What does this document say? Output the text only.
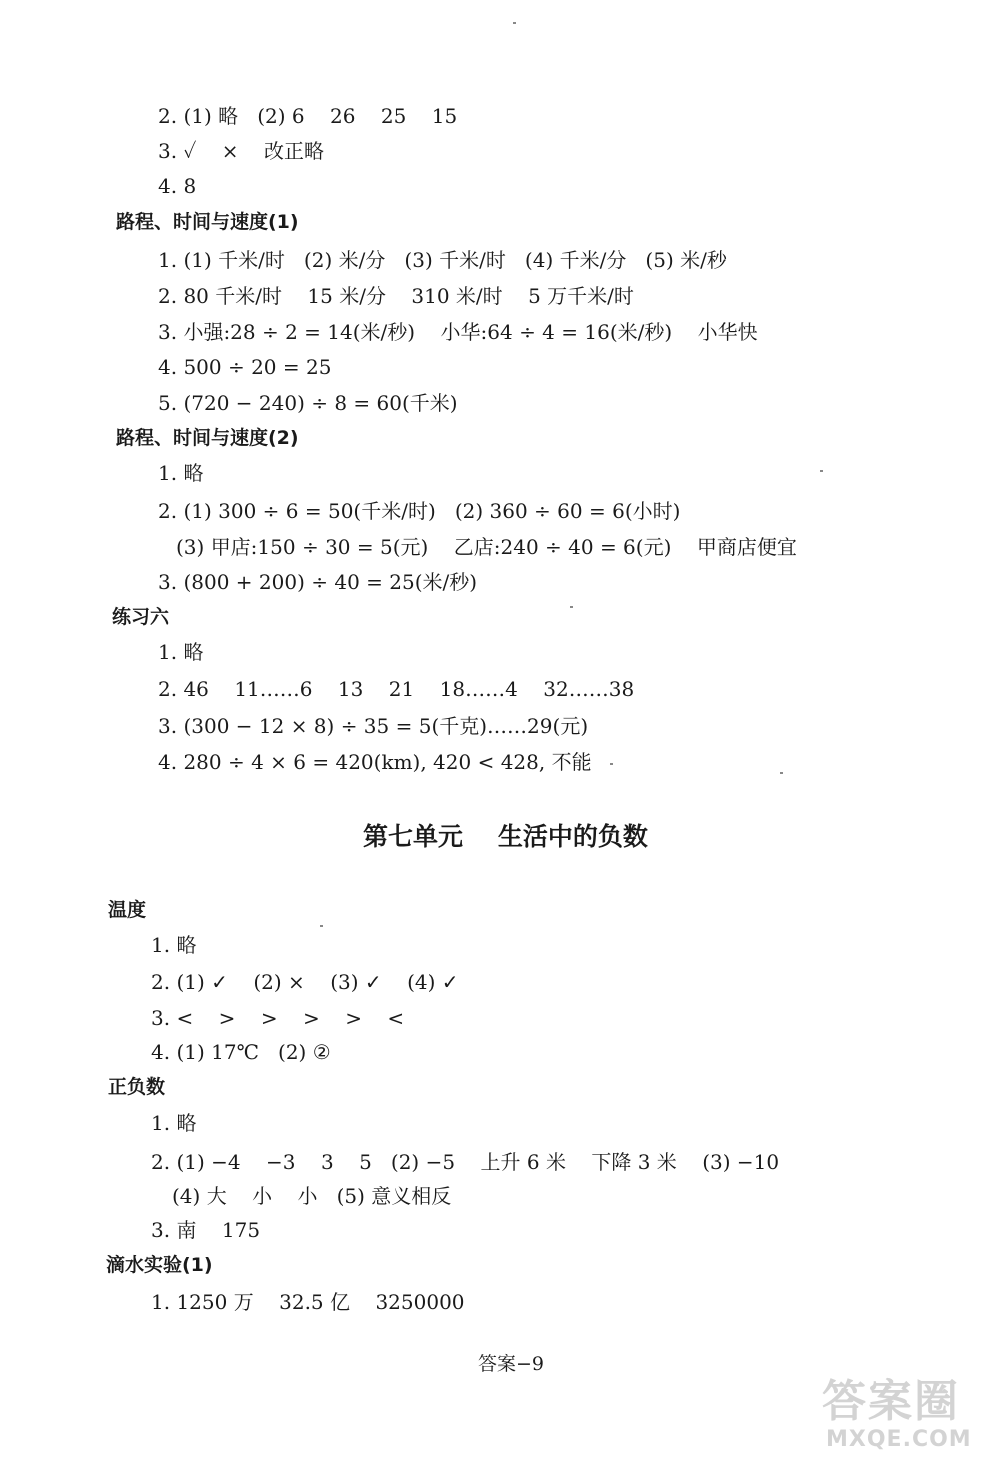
2. (1) 略   (2) 6    26    25    15
3. ✓    ×    改正略
4. 8
路程、时间与速度(1)
1. (1) 千米/时   (2) 米/分   (3) 千米/时   (4) 千米/分   (5) 米/秒
2. 80 千米/时    15 米/分    310 米/时    5 万千米/时
3. 小强:28 ÷ 2 = 14(米/秒)    小华:64 ÷ 4 = 16(米/秒)    小华快
4. 500 ÷ 20 = 25
5. (720 − 240) ÷ 8 = 60(千米)
路程、时间与速度(2)
1. 略
2. (1) 300 ÷ 6 = 50(千米/时)   (2) 360 ÷ 60 = 6(小时)
(3) 甲店:150 ÷ 30 = 5(元)    乙店:240 ÷ 40 = 6(元)    甲商店便宜
3. (800 + 200) ÷ 40 = 25(米/秒)
练习六
1. 略
2. 46    11……6    13    21    18……4    32……38
3. (300 − 12 × 8) ÷ 35 = 5(千克)……29(元)
4. 280 ÷ 4 × 6 = 420(km), 420 < 428, 不能
第七单元    生活中的负数
温度
1. 略
2. (1) ✓    (2) ×    (3) ✓    (4) ✓
3. <    >    >    >    >    <
4. (1) 17℃   (2) ②
正负数
1. 略
2. (1) −4    −3    3    5   (2) −5    上升 6 米    下降 3 米    (3) −10
(4) 大    小    小   (5) 意义相反
3. 南    175
滴水实验(1)
1. 1250 万    32.5 亿    3250000
答案−9
答案圈
MXQE.COM
